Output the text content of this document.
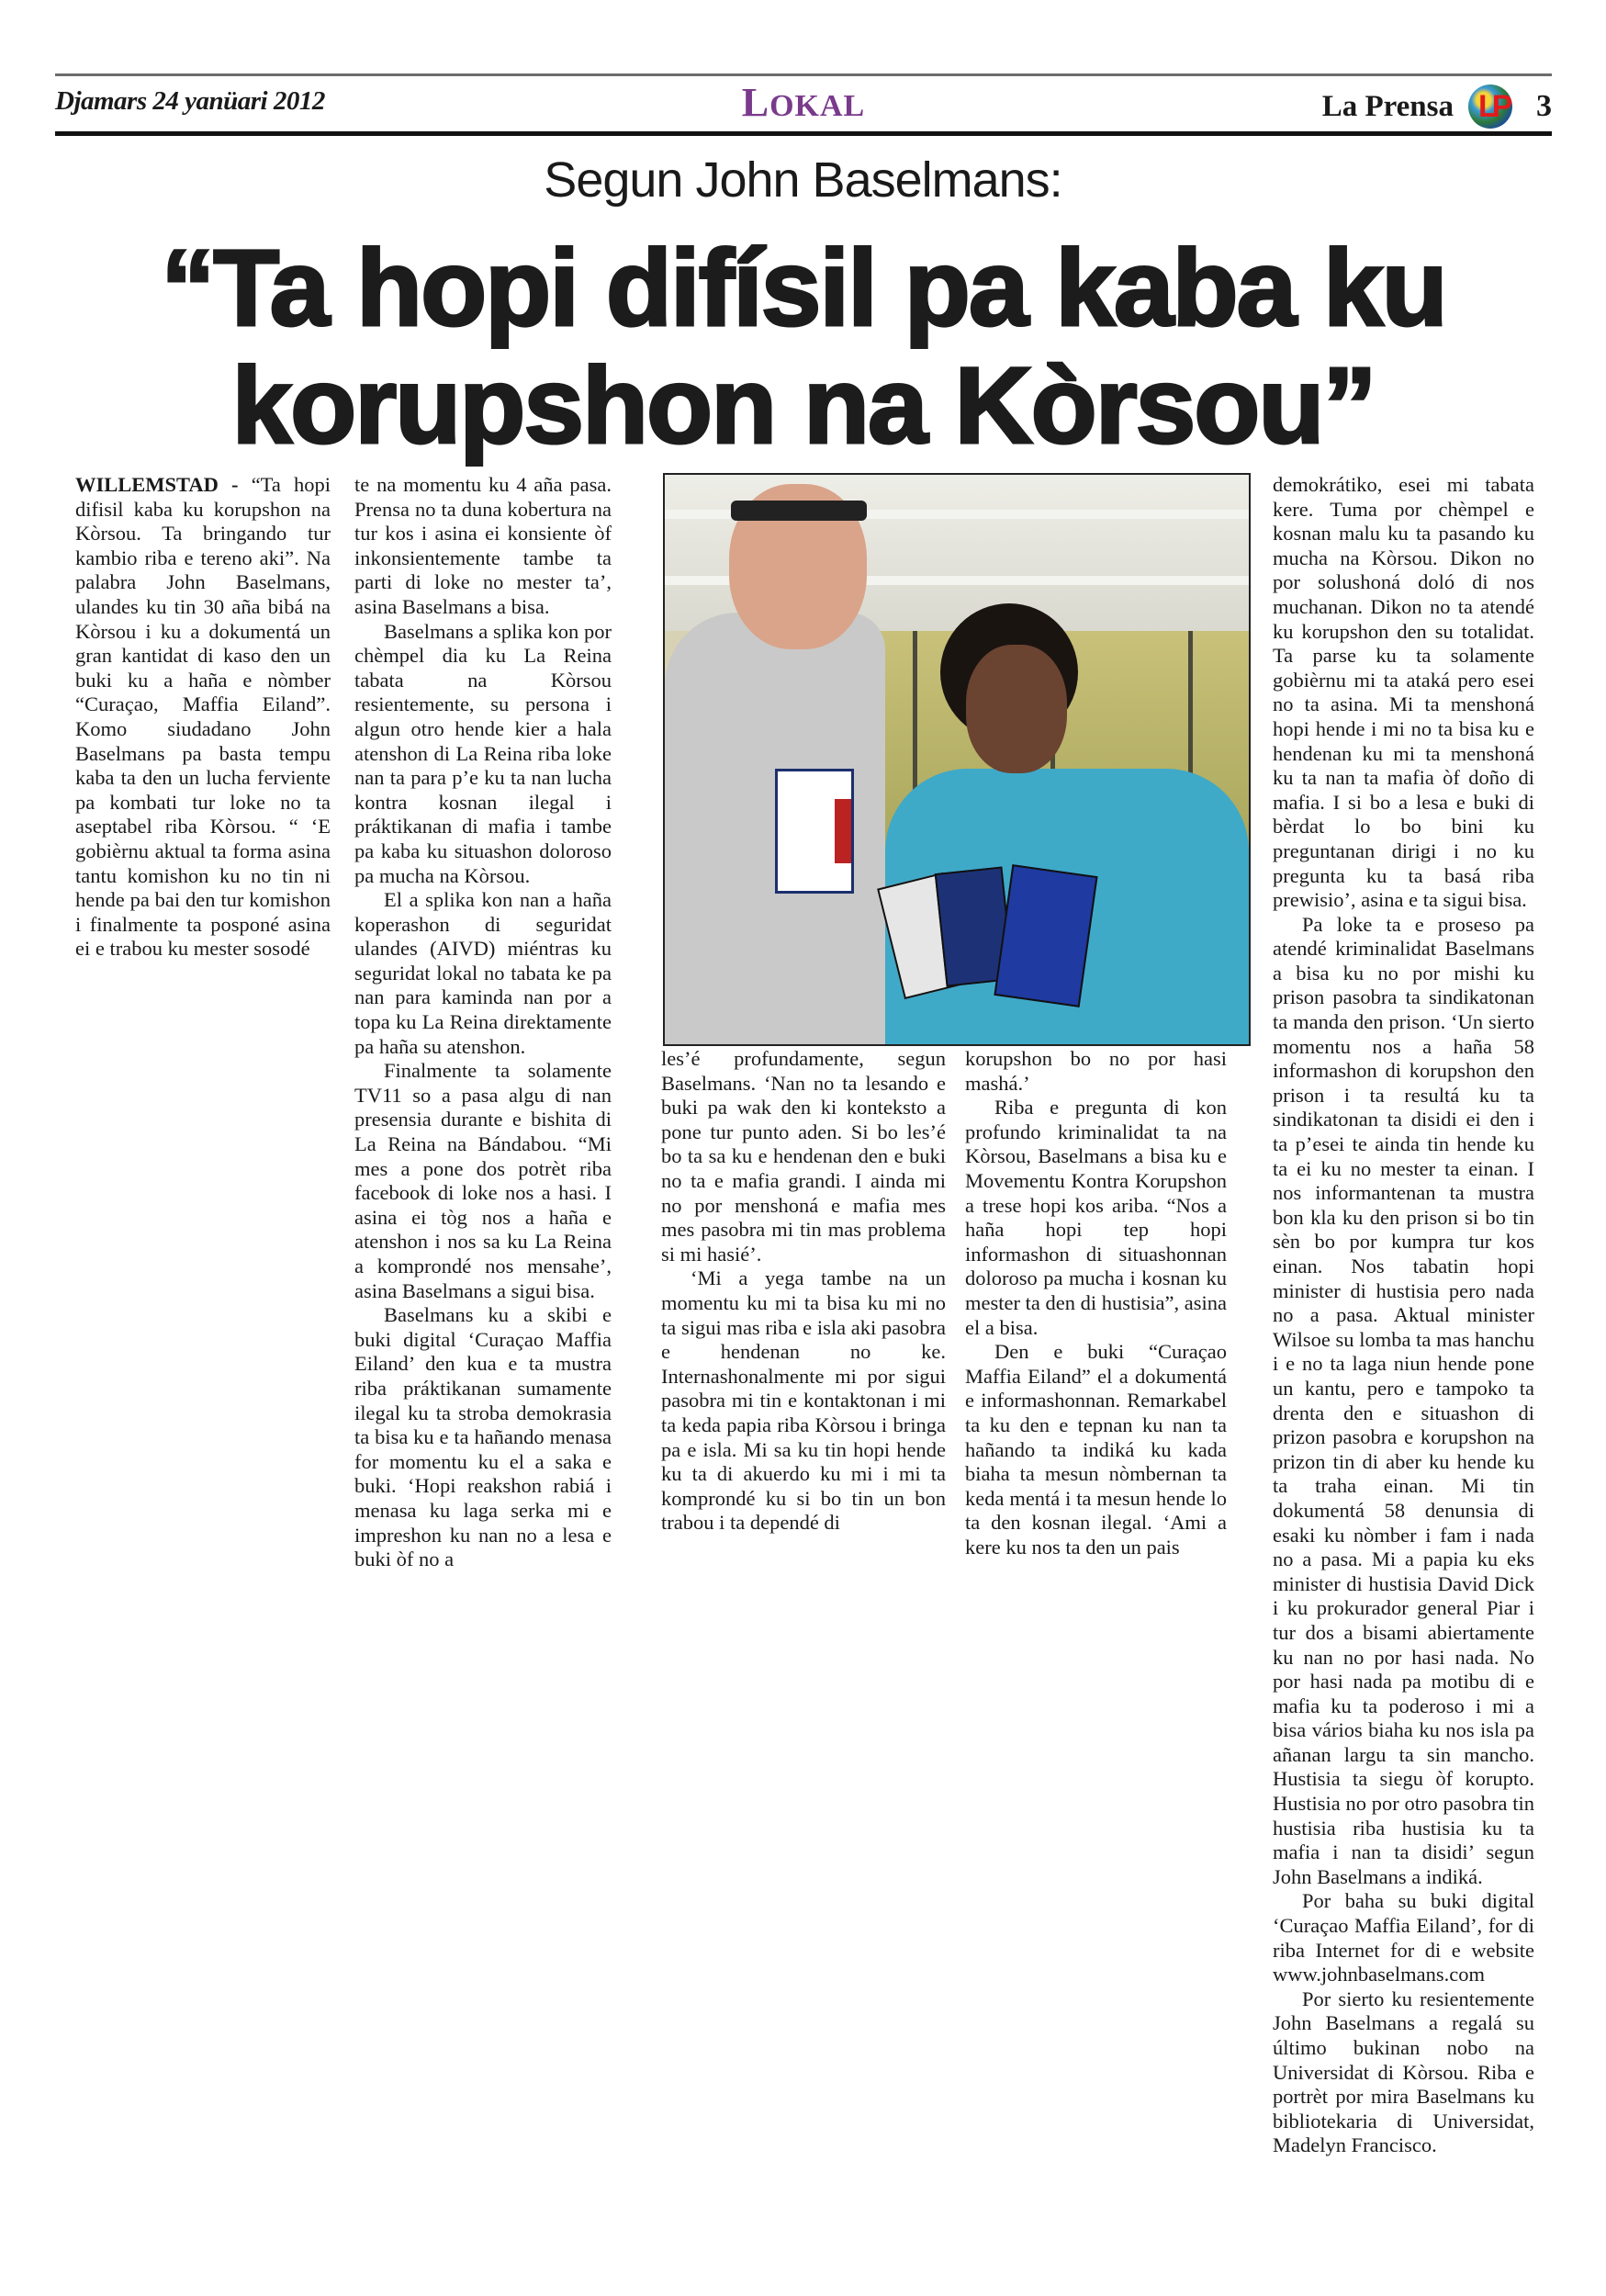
Djamars 24 yanüari 2012	LOKAL	La Prensa LP 3
Segun John Baselmans:
“Ta hopi difísil pa kaba ku korupshon na Kòrsou”

WILLEMSTAD - “Ta hopi difisil kaba ku korupshon na Kòrsou. Ta bringando tur kambio riba e tereno aki”. Na palabra John Baselmans, ulandes ku tin 30 aña bibá na Kòrsou i ku a dokumentá un gran kantidat di kaso den un buki ku a haña e nòmber “Curaçao, Maffia Eiland”. Komo siudadano John Baselmans pa basta tempu kaba ta den un lucha ferviente pa kombati tur loke no ta aseptabel riba Kòrsou. “ ‘E gobièrnu aktual ta forma asina tantu komishon ku no tin ni hende pa bai den tur komishon i finalmente ta posponé asina ei e trabou ku mester sosodé

te na momentu ku 4 aña pasa. Prensa no ta duna kobertura na tur kos i asina ei konsiente òf inkonsientemente tambe ta parti di loke no mester ta’, asina Baselmans a bisa.

Baselmans a splika kon por chèmpel dia ku La Reina tabata na Kòrsou resientemente, su persona i algun otro hende kier a hala atenshon di La Reina riba loke nan ta para p’e ku ta nan lucha kontra kosnan ilegal i práktikanan di mafia i tambe pa kaba ku situashon doloroso pa mucha na Kòrsou.

El a splika kon nan a haña koperashon di seguridat ulandes (AIVD) miéntras ku seguridat lokal no tabata ke pa nan para kaminda nan por a topa ku La Reina direktamente pa haña su atenshon.

Finalmente ta solamente TV11 so a pasa algu di nan presensia durante e bishita di La Reina na Bándabou. “Mi mes a pone dos potrèt riba facebook di loke nos a hasi. I asina ei tòg nos a haña e atenshon i nos sa ku La Reina a komprondé nos mensahe’, asina Baselmans a sigui bisa.

Baselmans ku a skibi e buki digital ‘Curaçao Maffia Eiland’ den kua e ta mustra riba práktikanan sumamente ilegal ku ta stroba demokrasia ta bisa ku e ta hañando menasa for momentu ku el a saka e buki. ‘Hopi reakshon rabiá i menasa ku laga serka mi e impreshon ku nan no a lesa e buki òf no a

les’é profundamente, segun Baselmans. ‘Nan no ta lesando e buki pa wak den ki konteksto a pone tur punto aden. Si bo les’é bo ta sa ku e hendenan den e buki no ta e mafia grandi. I ainda mi no por menshoná e mafia mes mes pasobra mi tin mas problema si mi hasié’.

‘Mi a yega tambe na un momentu ku mi ta bisa ku mi no ta sigui mas riba e isla aki pasobra e hendenan no ke. Internashonalmente mi por sigui pasobra mi tin e kontaktonan i mi ta keda papia riba Kòrsou i bringa pa e isla. Mi sa ku tin hopi hende ku ta di akuerdo ku mi i mi ta komprondé ku si bo tin un bon trabou i ta dependé di

korupshon bo no por hasi mashá.’

Riba e pregunta di kon profundo kriminalidat ta na Kòrsou, Baselmans a bisa ku e Movementu Kontra Korupshon a trese hopi kos ariba. “Nos a haña hopi tep hopi informashon di situashonnan doloroso pa mucha i kosnan ku mester ta den di hustisia”, asina el a bisa.

Den e buki “Curaçao Maffia Eiland” el a dokumentá e informashonnan. Remarkabel ta ku den e tepnan ku nan ta hañando ta indiká ku kada biaha ta mesun nòmbernan ta keda mentá i ta mesun hende lo ta den kosnan ilegal. ‘Ami a kere ku nos ta den un pais

demokrátiko, esei mi tabata kere. Tuma por chèmpel e kosnan malu ku ta pasando ku mucha na Kòrsou. Dikon no por solushoná doló di nos muchanan. Dikon no ta atendé ku korupshon den su totalidat. Ta parse ku ta solamente gobièrnu mi ta ataká pero esei no ta asina. Mi ta menshoná hopi hende i mi no ta bisa ku e hendenan ku mi ta menshoná ku ta nan ta mafia òf doño di mafia. I si bo a lesa e buki di bèrdat lo bo bini ku preguntanan dirigi i no ku pregunta ku ta basá riba prewisio’, asina e ta sigui bisa.

Pa loke ta e proseso pa atendé kriminalidat Baselmans a bisa ku no por mishi ku prison pasobra ta sindikatonan ta manda den prison. ‘Un sierto momentu nos a haña 58 informashon di korupshon den prison i ta resultá ku ta sindikatonan ta disidi ei den i ta p’esei te ainda tin hende ku ta ei ku no mester ta einan. I nos informantenan ta mustra bon kla ku den prison si bo tin sèn bo por kumpra tur kos einan. Nos tabatin hopi minister di hustisia pero nada no a pasa. Aktual minister Wilsoe su lomba ta mas hanchu i e no ta laga niun hende pone un kantu, pero e tampoko ta drenta den e situashon di prizon pasobra e korupshon na prizon tin di aber ku hende ku ta traha einan. Mi tin dokumentá 58 denunsia di esaki ku nòmber i fam i nada no a pasa. Mi a papia ku eks minister di hustisia David Dick i ku prokurador general Piar i tur dos a bisami abiertamente ku nan no por hasi nada. No por hasi nada pa motibu di e mafia ku ta poderoso i mi a bisa vários biaha ku nos isla pa añanan largu ta sin mancho. Hustisia ta siegu òf korupto. Hustisia no por otro pasobra tin hustisia riba hustisia ku ta mafia i nan ta disidi’ segun John Baselmans a indiká.

Por baha su buki digital ‘Curaçao Maffia Eiland’, for di riba Internet for di e website www.johnbaselmans.com

Por sierto ku resientemente John Baselmans a regalá su último bukinan nobo na Universidat di Kòrsou. Riba e portrèt por mira Baselmans ku bibliotekaria di Universidat, Madelyn Francisco.
